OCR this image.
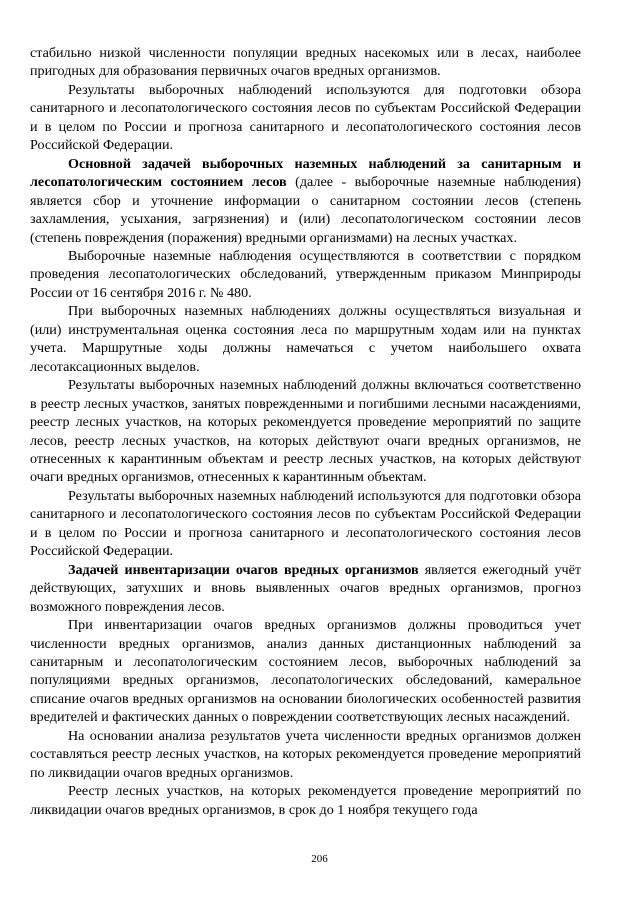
стабильно низкой численности популяции вредных насекомых или в лесах, наиболее пригодных для образования первичных очагов вредных организмов.

Результаты выборочных наблюдений используются для подготовки обзора санитарного и лесопатологического состояния лесов по субъектам Российской Федерации и в целом по России и прогноза санитарного и лесопатологического состояния лесов Российской Федерации.

Основной задачей выборочных наземных наблюдений за санитарным и лесопатологическим состоянием лесов (далее - выборочные наземные наблюдения) является сбор и уточнение информации о санитарном состоянии лесов (степень захламления, усыхания, загрязнения) и (или) лесопатологическом состоянии лесов (степень повреждения (поражения) вредными организмами) на лесных участках.

Выборочные наземные наблюдения осуществляются в соответствии с порядком проведения лесопатологических обследований, утвержденным приказом Минприроды России от 16 сентября 2016 г. № 480.

При выборочных наземных наблюдениях должны осуществляться визуальная и (или) инструментальная оценка состояния леса по маршрутным ходам или на пунктах учета. Маршрутные ходы должны намечаться с учетом наибольшего охвата лесотаксационных выделов.

Результаты выборочных наземных наблюдений должны включаться соответственно в реестр лесных участков, занятых поврежденными и погибшими лесными насаждениями, реестр лесных участков, на которых рекомендуется проведение мероприятий по защите лесов, реестр лесных участков, на которых действуют очаги вредных организмов, не отнесенных к карантинным объектам и реестр лесных участков, на которых действуют очаги вредных организмов, отнесенных к карантинным объектам.

Результаты выборочных наземных наблюдений используются для подготовки обзора санитарного и лесопатологического состояния лесов по субъектам Российской Федерации и в целом по России и прогноза санитарного и лесопатологического состояния лесов Российской Федерации.

Задачей инвентаризации очагов вредных организмов является ежегодный учёт действующих, затухших и вновь выявленных очагов вредных организмов, прогноз возможного повреждения лесов.

При инвентаризации очагов вредных организмов должны проводиться учет численности вредных организмов, анализ данных дистанционных наблюдений за санитарным и лесопатологическим состоянием лесов, выборочных наблюдений за популяциями вредных организмов, лесопатологических обследований, камеральное списание очагов вредных организмов на основании биологических особенностей развития вредителей и фактических данных о повреждении соответствующих лесных насаждений.

На основании анализа результатов учета численности вредных организмов должен составляться реестр лесных участков, на которых рекомендуется проведение мероприятий по ликвидации очагов вредных организмов.

Реестр лесных участков, на которых рекомендуется проведение мероприятий по ликвидации очагов вредных организмов, в срок до 1 ноября текущего года

206
